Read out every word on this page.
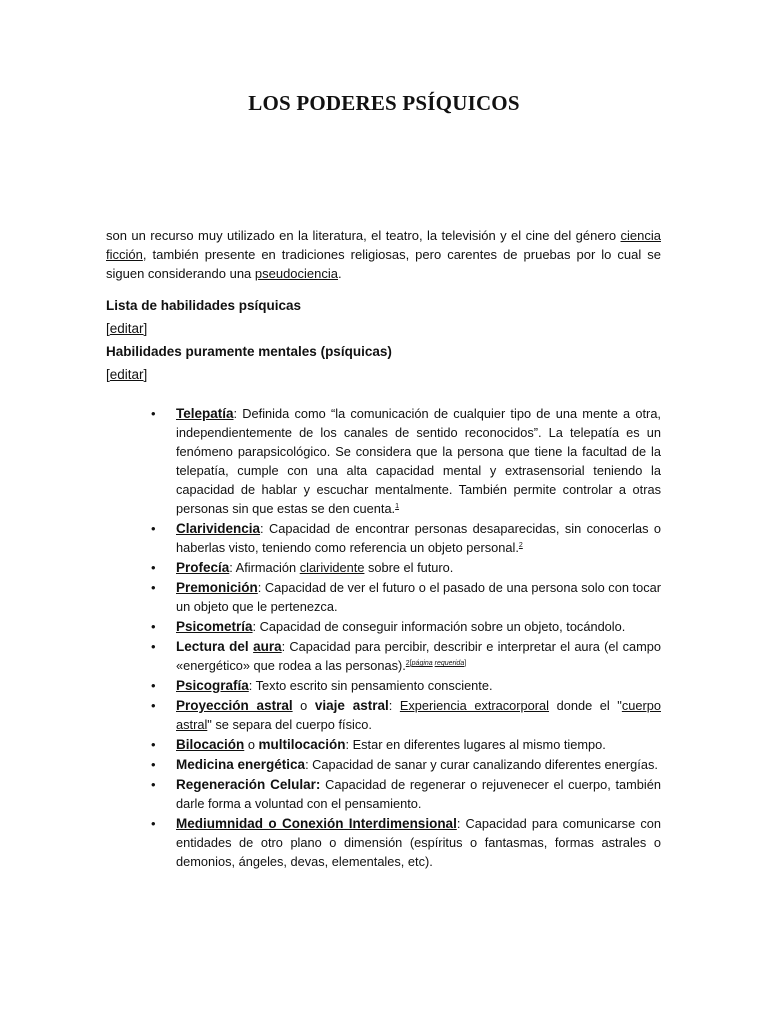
LOS PODERES PSÍQUICOS

son un recurso muy utilizado en la literatura, el teatro, la televisión y el cine del género ciencia ficción, también presente en tradiciones religiosas, pero carentes de pruebas por lo cual se siguen considerando una pseudociencia.

Lista de habilidades psíquicas
[editar]
Habilidades puramente mentales (psíquicas)
[editar]
• Telepatía: Definida como “la comunicación de cualquier tipo de una mente a otra, independientemente de los canales de sentido reconocidos”. La telepatía es un fenómeno parapsicológico. Se considera que la persona que tiene la facultad de la telepatía, cumple con una alta capacidad mental y extrasensorial teniendo la capacidad de hablar y escuchar mentalmente. También permite controlar a otras personas sin que estas se den cuenta.$^1$
• Clarividencia: Capacidad de encontrar personas desaparecidas, sin conocerlas o haberlas visto, teniendo como referencia un objeto personal.$^2$
• Profecía: Afirmación clarividente sobre el futuro.
• Premonición: Capacidad de ver el futuro o el pasado de una persona solo con tocar un objeto que le pertenezca.
• Psicometría: Capacidad de conseguir información sobre un objeto, tocándolo.
• Lectura del aura: Capacidad para percibir, describir e interpretar el aura (el campo «energético» que rodea a las personas).$^{2[página requerida]}$
• Psicografía: Texto escrito sin pensamiento consciente.
• Proyección astral o viaje astral: Experiencia extracorporal donde el "cuerpo astral" se separa del cuerpo físico.
• Bilocación o multilocación: Estar en diferentes lugares al mismo tiempo.
• Medicina energética: Capacidad de sanar y curar canalizando diferentes energías.
• Regeneración Celular: Capacidad de regenerar o rejuvenecer el cuerpo, también darle forma a voluntad con el pensamiento.
• Mediumnidad o Conexión Interdimensional: Capacidad para comunicarse con entidades de otro plano o dimensión (espíritus o fantasmas, formas astrales o demonios, ángeles, devas, elementales, etc).
